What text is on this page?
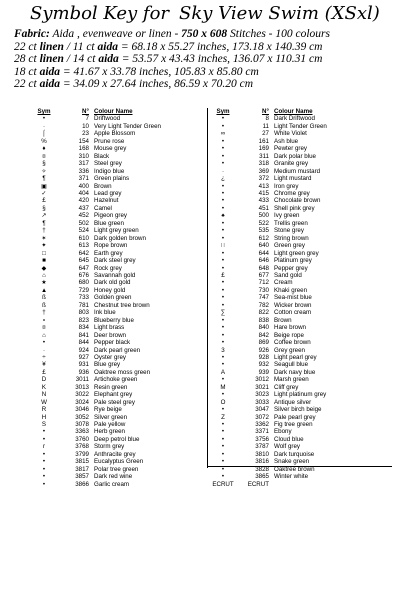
Symbol Key for Sky View Swim (XSxl)
Fabric: Aida , evenweave or linen - 750 x 608 Stitches - 100 colours
22 ct linen / 11 ct aida = 68.18 x 55.27 inches, 173.18 x 140.39 cm
28 ct linen / 14 ct aida = 53.57 x 43.43 inches, 136.07 x 110.31 cm
18 ct aida = 41.67 x 33.78 inches, 105.83 x 85.80 cm
22 ct aida = 34.09 x 27.64 inches, 86.59 x 70.20 cm
Sym	N° Colour Name
•	7 Driftwood
·	10 Very Light Tender Green
⌠	23 Apple Blossom
%	154 Prune rose
♦	168 Mouse grey
¤	310 Black
§	317 Steel grey
✧	336 Indigo blue
¶	371 Green plains
▣	400 Brown
✓	404 Lead grey
£	420 Hazelnut
§	437 Camel
↗	452 Pigeon grey
¶	502 Blue green
†	524 Light grey green
✶	610 Dark golden brown
✦	613 Rope brown
□	642 Earth grey
■	645 Dark steel grey
◆	647 Rock grey
⌂	676 Savannah gold
★	680 Dark old gold
▲	729 Honey gold
ß	733 Golden green
ß	781 Chestnut tree brown
†	803 Ink blue
∘	823 Blueberry blue
¤	834 Light brass
⌂	841 Deer brown
•	844 Pepper black
·	924 Dark pearl green
÷	927 Oyster grey
¥	931 Blue grey
£	936 Oaktree moss green
D	3011 Artichoke green
K	3013 Resin green
N	3022 Elephant grey
W	3024 Pale steel grey
R	3046 Rye beige
H	3052 Silver green
S	3078 Pale yellow
•	3363 Herb green
•	3760 Deep petrol blue
r	3768 Storm grey
•	3799 Anthracite grey
•	3815 Eucalyptus Green
•	3817 Polar tree green
•	3857 Dark red wine
•	3866 Garlic cream
Sym	N° Colour Name
•	8 Dark Driftwood
•	11 Light Tender Green
∞	27 White Violet
•	161 Ash blue
•	169 Pewter grey
•	311 Dark polar blue
•	318 Granite grey
·	369 Medium mustard
¿	372 Light mustard
•	413 Iron grey
•	415 Chrome grey
•	433 Chocolate brown
•	451 Shell pink grey
♠	500 Ivy green
•	522 Trellis green
•	535 Stone grey
•	612 String brown
∷	640 Green grey
•	644 Light green grey
•	646 Platinum grey
•	648 Pepper grey
£	677 Sand gold
•	712 Cream
•	730 Khaki green
•	747 Sea-mist blue
•	782 Wicker brown
∑	822 Cotton cream
•	838 Brown
•	840 Hare brown
•	842 Beige rope
•	869 Coffee brown
3	926 Grey green
•	928 Light pearl grey
•	932 Seagull blue
A	939 Dark navy blue
•	3012 Marsh green
M	3021 Cliff grey
•	3023 Light platinum grey
O	3033 Antique silver
•	3047 Silver birch beige
Z	3072 Pale pearl grey
•	3362 Fig tree green
•	3371 Ebony
•	3756 Cloud blue
•	3787 Wolf grey
•	3810 Dark turquoise
•	3816 Snake green
•	3828 Oaktree brown
•	3865 Winter white
ECRUT	ECRUT
